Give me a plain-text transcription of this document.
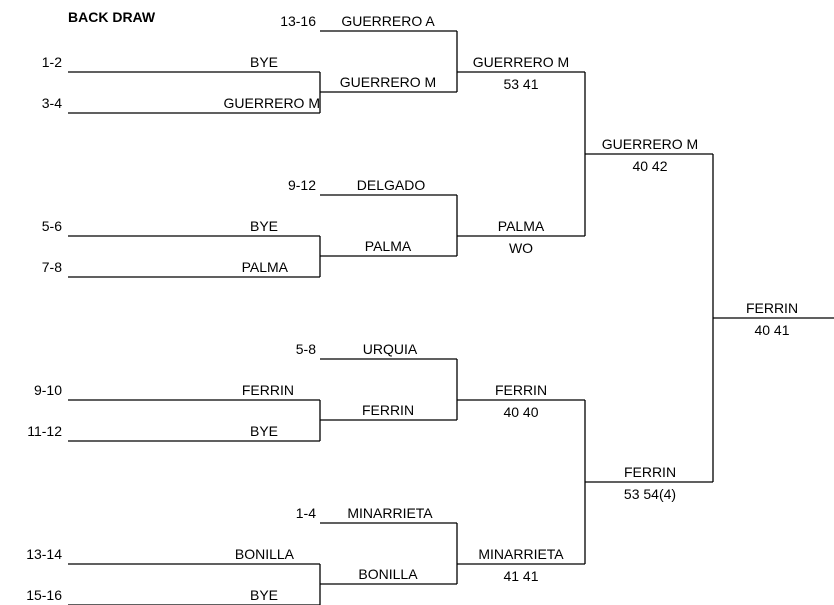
BACK DRAW
1-2	BYE
3-4	GUERRERO M
5-6	BYE
7-8	PALMA
9-10	FERRIN
11-12	BYE
13-14	BONILLA
15-16	BYE
13-16 GUERRERO A
9-12	DELGADO
5-8	URQUIA
1-4 MINARRIETA
GUERRERO M
PALMA
FERRIN
BONILLA
GUERRERO M
53 41
PALMA
WO
FERRIN
40 40
MINARRIETA
41 41
GUERRERO M
40 42
FERRIN
53 54(4)
FERRIN
40 41
